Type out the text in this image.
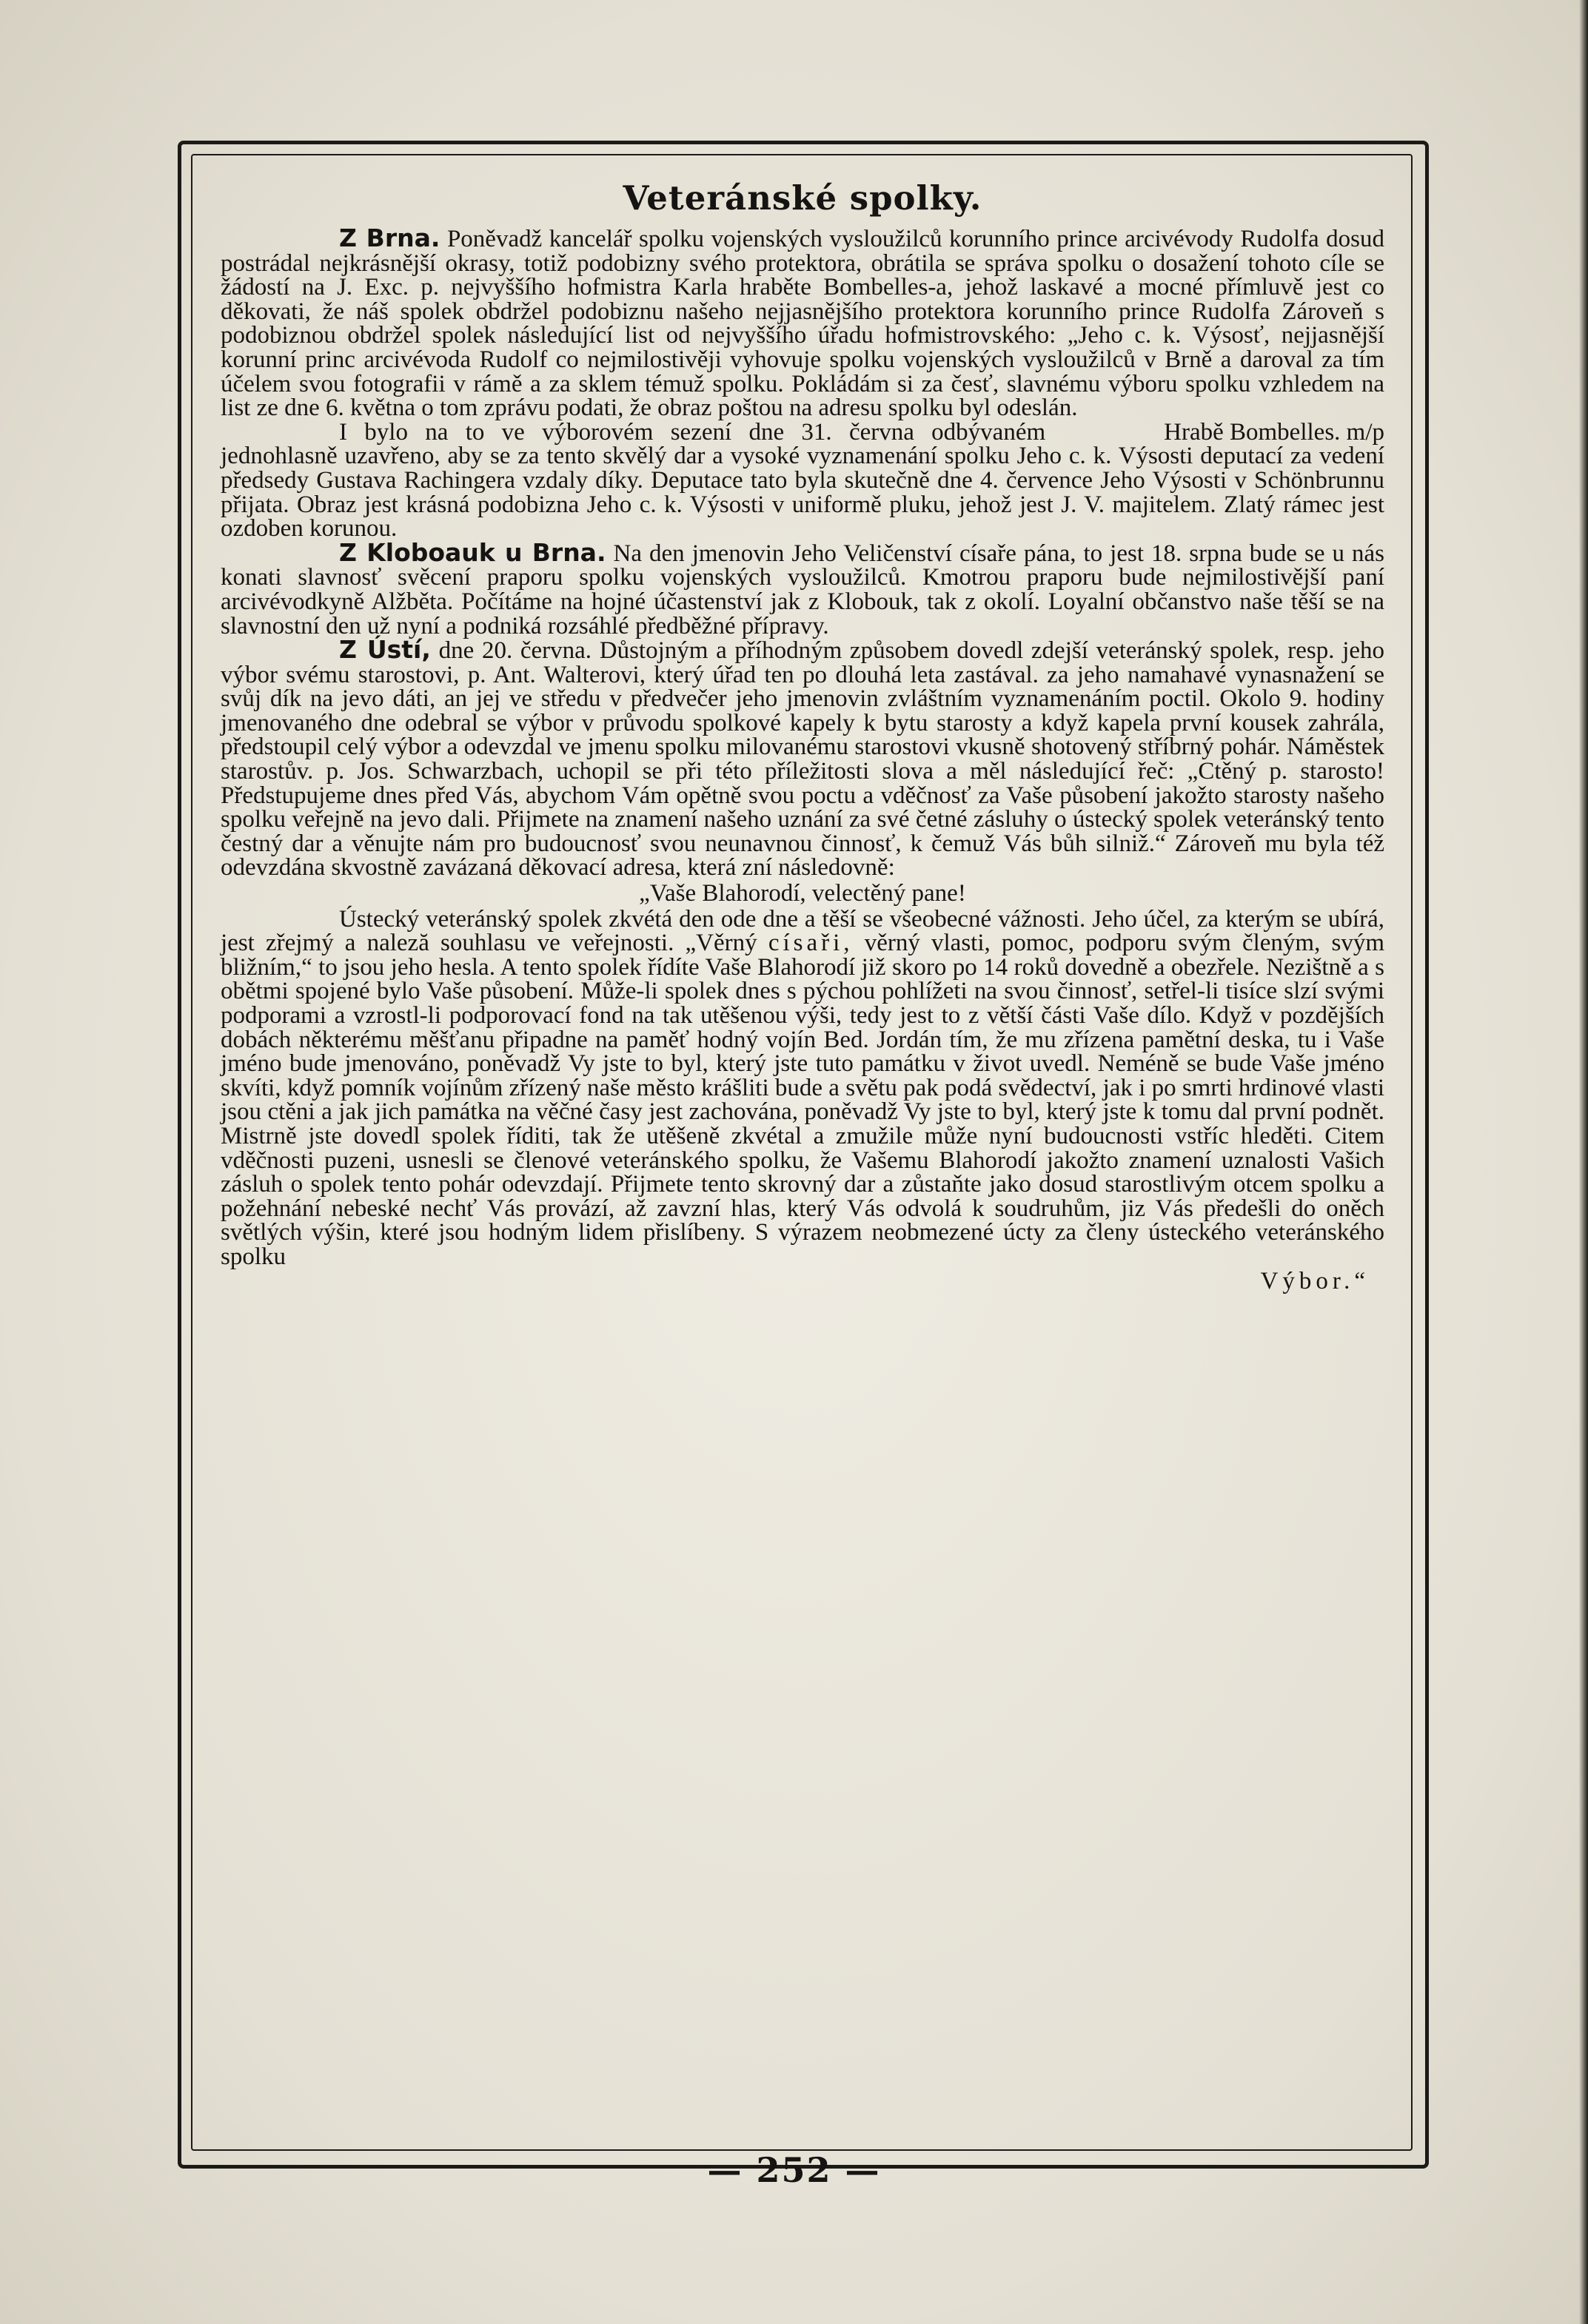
Veteránské spolky.

Z Brna. Poněvadž kancelář spolku vojenských vysloužilců korunního prince arcivévody Rudolfa dosud postrádal nejkrásnější okrasy, totiž podobizny svého protektora, obrátila se správa spolku o dosažení tohoto cíle se žádostí na J. Exc. p. nejvyššího hofmistra Karla hraběte Bombelles-a, jehož laskavé a mocné přímluvě jest co děkovati, že náš spolek obdržel podobiznu našeho nejjasnějšího protektora korunního prince Rudolfa Zároveň s podobiznou obdržel spolek následující list od nejvyššího úřadu hofmistrovského: „Jeho c. k. Výsosť, nejjasnější korunní princ arcivévoda Rudolf co nejmilostivěji vyhovuje spolku vojenských vysloužilců v Brně a daroval za tím účelem svou fotografii v rámě a za sklem témuž spolku. Pokládám si za česť, slavnému výboru spolku vzhledem na list ze dne 6. května o tom zprávu podati, že obraz poštou na adresu spolku byl odeslán.
Hrabě Bombelles. m/p

I bylo na to ve výborovém sezení dne 31. června odbývaném jednohlasně uzavřeno, aby se za tento skvělý dar a vysoké vyznamenání spolku Jeho c. k. Výsosti deputací za vedení předsedy Gustava Rachingera vzdaly díky. Deputace tato byla skutečně dne 4. července Jeho Výsosti v Schönbrunnu přijata. Obraz jest krásná podobizna Jeho c. k. Výsosti v uniformě pluku, jehož jest J. V. majitelem. Zlatý rámec jest ozdoben korunou.

Z Kloboauk u Brna. Na den jmenovin Jeho Veličenství císaře pána, to jest 18. srpna bude se u nás konati slavnosť svěcení praporu spolku vojenských vysloužilců. Kmotrou praporu bude nejmilostivější paní arcivévodkyně Alžběta. Počítáme na hojné účastenství jak z Klobouk, tak z okolí. Loyalní občanstvo naše těší se na slavnostní den už nyní a podniká rozsáhlé předběžné přípravy.

Z Ústí, dne 20. června. Důstojným a příhodným způsobem dovedl zdejší veteránský spolek, resp. jeho výbor svému starostovi, p. Ant. Walterovi, který úřad ten po dlouhá leta zastával. za jeho namahavé vynasnažení se svůj dík na jevo dáti, an jej ve středu v předvečer jeho jmenovin zvláštním vyznamenáním poctil. Okolo 9. hodiny jmenovaného dne odebral se výbor v průvodu spolkové kapely k bytu starosty a když kapela první kousek zahrála, předstoupil celý výbor a odevzdal ve jmenu spolku milovanému starostovi vkusně shotovený stříbrný pohár. Náměstek starostův. p. Jos. Schwarzbach, uchopil se při této příležitosti slova a měl následující řeč: „Ctěný p. starosto! Předstupujeme dnes před Vás, abychom Vám opětně svou poctu a vděčnosť za Vaše působení jakožto starosty našeho spolku veřejně na jevo dali. Přijmete na znamení našeho uznání za své četné zásluhy o ústecký spolek veteránský tento čestný dar a věnujte nám pro budoucnosť svou neunavnou činnosť, k čemuž Vás bůh silniž.“ Zároveň mu byla též odevzdána skvostně zavázaná děkovací adresa, která zní následovně:

„Vaše Blahorodí, velectěný pane!

Ústecký veteránský spolek zkvétá den ode dne a těší se všeobecné vážnosti. Jeho účel, za kterým se ubírá, jest zřejmý a naleză souhlasu ve veřejnosti. „Věrný císaři, věrný vlasti, pomoc, podporu svým členým, svým bližním,“ to jsou jeho hesla. A tento spolek řídíte Vaše Blahorodí již skoro po 14 roků dovedně a obezřele. Nezištně a s obětmi spojené bylo Vaše působení. Může-li spolek dnes s pýchou pohlížeti na svou činnosť, setřel-li tisíce slzí svými podporami a vzrostl-li podporovací fond na tak utěšenou výši, tedy jest to z větší části Vaše dílo. Když v pozdějších dobách některému měšťanu připadne na paměť hodný vojín Bed. Jordán tím, že mu zřízena pamětní deska, tu i Vaše jméno bude jmenováno, poněvadž Vy jste to byl, který jste tuto památku v život uvedl. Neméně se bude Vaše jméno skvíti, když pomník vojínům zřízený naše město krášliti bude a světu pak podá svědectví, jak i po smrti hrdinové vlasti jsou ctěni a jak jich památka na věčné časy jest zachována, poněvadž Vy jste to byl, který jste k tomu dal první podnět. Mistrně jste dovedl spolek říditi, tak že utěšeně zkvétal a zmužile může nyní budoucnosti vstříc hleděti. Citem vděčnosti puzeni, usnesli se členové veteránského spolku, že Vašemu Blahorodí jakožto znamení uznalosti Vašich zásluh o spolek tento pohár odevzdají. Přijmete tento skrovný dar a zůstaňte jako dosud starostlivým otcem spolku a požehnání nebeské nechť Vás provází, až zavzní hlas, který Vás odvolá k soudruhům, jiz Vás předešli do oněch světlých výšin, které jsou hodným lidem přislíbeny. S výrazem neobmezené úcty za členy ústeckého veteránského spolku

Výbor.“

— 252 —
